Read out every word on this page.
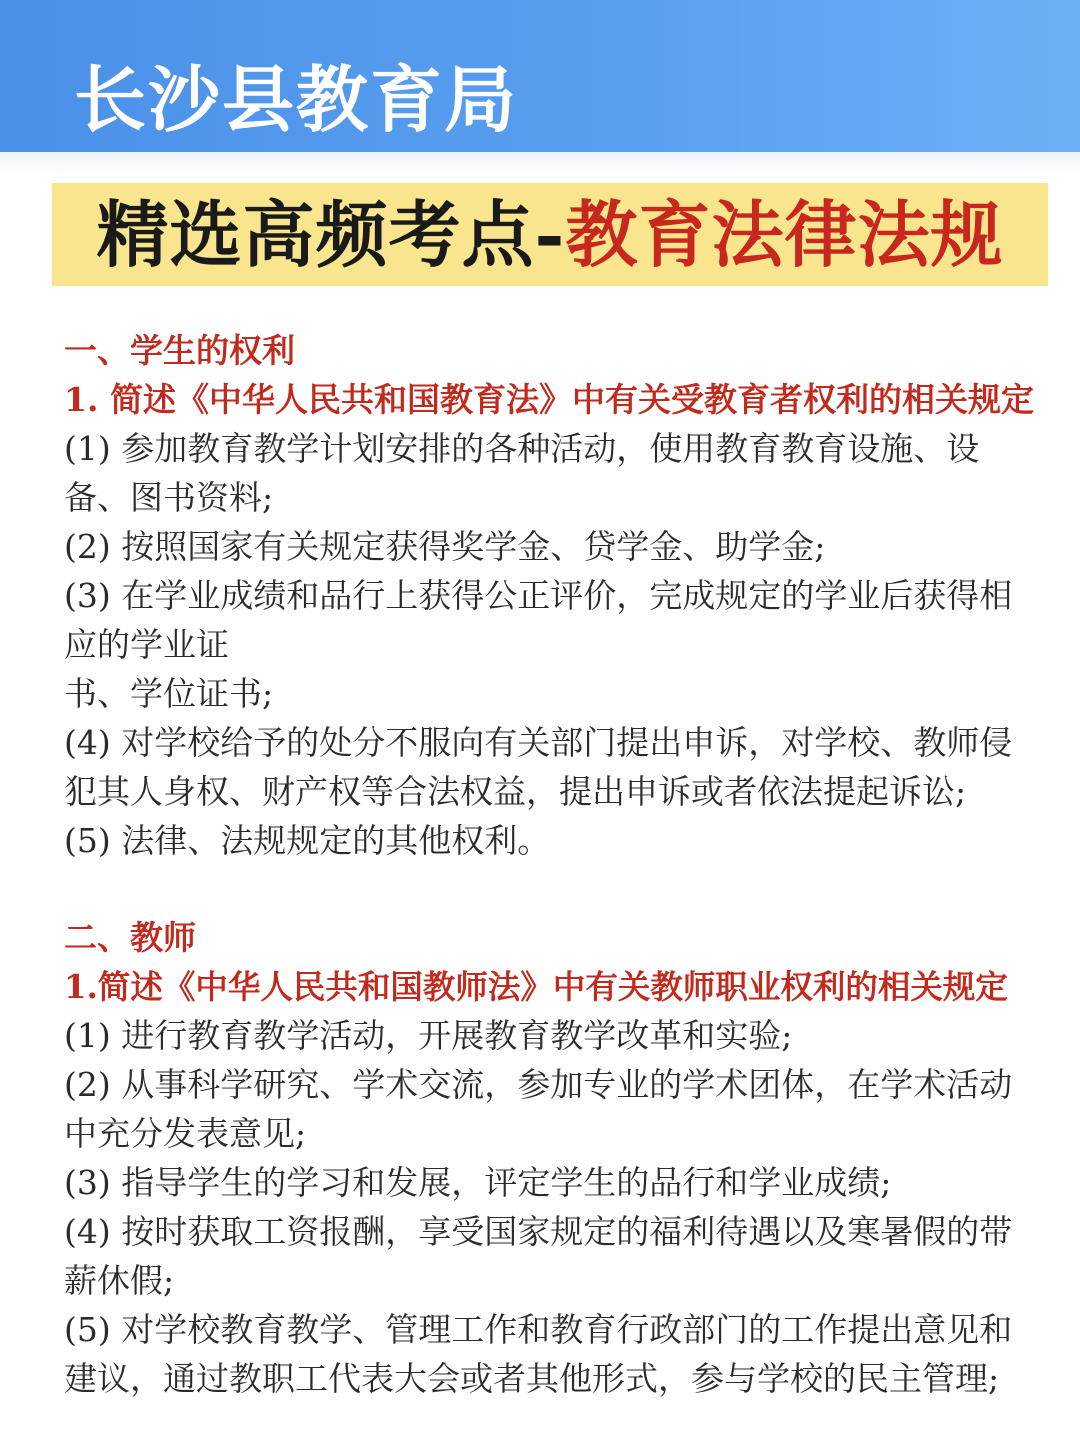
长沙县教育局
精选高频考点-教育法律法规

一、学生的权利

1. 简述《中华人民共和国教育法》中有关受教育者权利的相关规定

(1) 参加教育教学计划安排的各种活动，使用教育教育设施、设备、图书资料;

(2) 按照国家有关规定获得奖学金、贷学金、助学金;

(3) 在学业成绩和品行上获得公正评价，完成规定的学业后获得相应的学业证

书、学位证书;

(4) 对学校给予的处分不服向有关部门提出申诉，对学校、教师侵犯其人身权、财产权等合法权益，提出申诉或者依法提起诉讼;

(5) 法律、法规规定的其他权利。

二、教师

1.简述《中华人民共和国教师法》中有关教师职业权利的相关规定

(1) 进行教育教学活动，开展教育教学改革和实验;

(2) 从事科学研究、学术交流，参加专业的学术团体，在学术活动中充分发表意见;

(3) 指导学生的学习和发展，评定学生的品行和学业成绩;

(4) 按时获取工资报酬，享受国家规定的福利待遇以及寒暑假的带薪休假;

(5) 对学校教育教学、管理工作和教育行政部门的工作提出意见和建议，通过教职工代表大会或者其他形式，参与学校的民主管理;
